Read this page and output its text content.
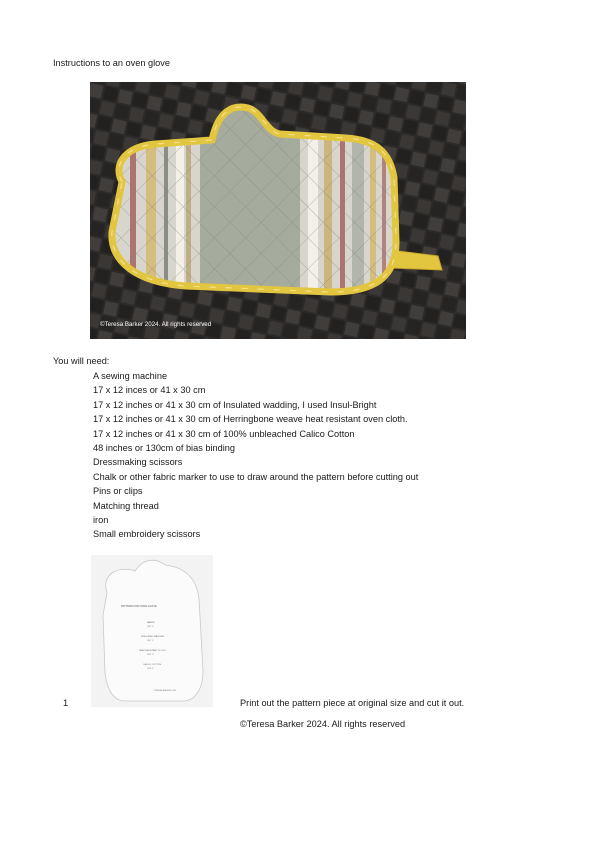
Instructions to an oven glove
©Teresa Barker 2024. All rights reserved
You will need:
A sewing machine
17 x 12 inces or 41 x 30 cm
17 x 12 inches or 41 x 30 cm of Insulated wadding, I used Insul-Bright
17 x 12 inches or 41 x 30 cm of Herringbone weave heat resistant oven cloth.
17 x 12 inches or 41 x 30 cm of 100% unbleached Calico Cotton
48 inches or 130cm of bias binding
Dressmaking scissors
Chalk or other fabric marker to use to draw around the pattern before cutting out
Pins or clips
Matching thread
iron
Small embroidery scissors
PATTERN FOR OVEN GLOVE
FABRIC
CUT 2
INSULATED WADDING
CUT 2
HEAT RESISTANT CLOTH
CUT 2
CALICO COTTON
CUT 2
©TERESA BARKER 2024
1	Print out the pattern piece at original size and cut it out.
©Teresa Barker 2024. All rights reserved
